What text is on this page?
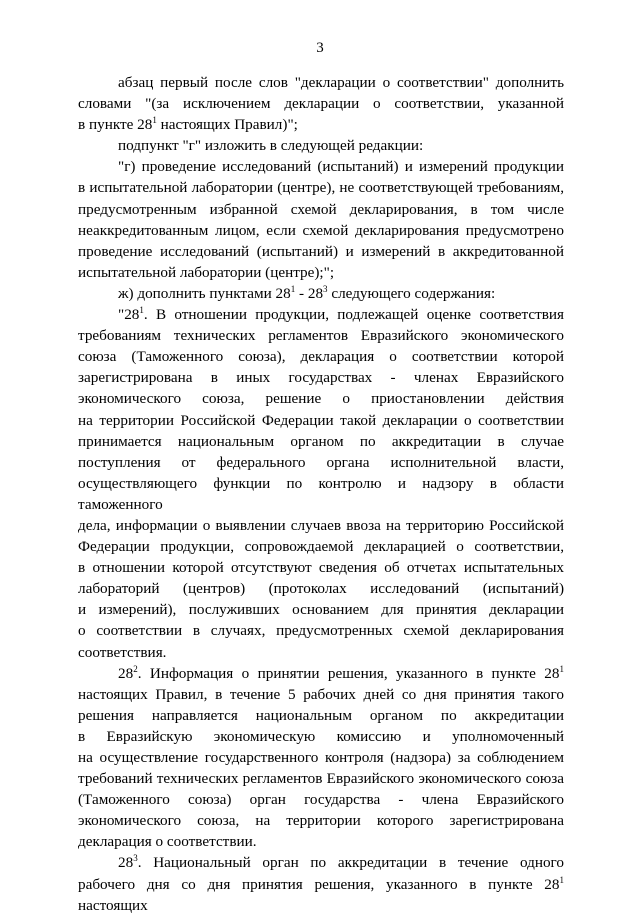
3
абзац первый после слов "декларации о соответствии" дополнить
словами "(за исключением декларации о соответствии, указанной
в пункте $28^1$ настоящих Правил)";
подпункт "г" изложить в следующей редакции:
"г) проведение исследований (испытаний) и измерений продукции
в испытательной лаборатории (центре), не соответствующей требованиям,
предусмотренным избранной схемой декларирования, в том числе
неаккредитованным лицом, если схемой декларирования предусмотрено
проведение исследований (испытаний) и измерений в аккредитованной
испытательной лаборатории (центре);";
ж) дополнить пунктами $28^1 - 28^3$ следующего содержания:
"$28^1$. В отношении продукции, подлежащей оценке соответствия
требованиям технических регламентов Евразийского экономического
союза (Таможенного союза), декларация о соответствии которой
зарегистрирована в иных государствах - членах Евразийского
экономического союза, решение о приостановлении действия
на территории Российской Федерации такой декларации о соответствии
принимается национальным органом по аккредитации в случае
поступления от федерального органа исполнительной власти,
осуществляющего функции по контролю и надзору в области таможенного
дела, информации о выявлении случаев ввоза на территорию Российской
Федерации продукции, сопровождаемой декларацией о соответствии,
в отношении которой отсутствуют сведения об отчетах испытательных
лабораторий (центров) (протоколах исследований (испытаний)
и измерений), послуживших основанием для принятия декларации
о соответствии в случаях, предусмотренных схемой декларирования
соответствия.
$28^2$. Информация о принятии решения, указанного в пункте $28^1$
настоящих Правил, в течение 5 рабочих дней со дня принятия такого
решения направляется национальным органом по аккредитации
в Евразийскую экономическую комиссию и уполномоченный
на осуществление государственного контроля (надзора) за соблюдением
требований технических регламентов Евразийского экономического союза
(Таможенного союза) орган государства - члена Евразийского
экономического союза, на территории которого зарегистрирована
декларация о соответствии.
$28^3$. Национальный орган по аккредитации в течение одного
рабочего дня со дня принятия решения, указанного в пункте $28^1$ настоящих
